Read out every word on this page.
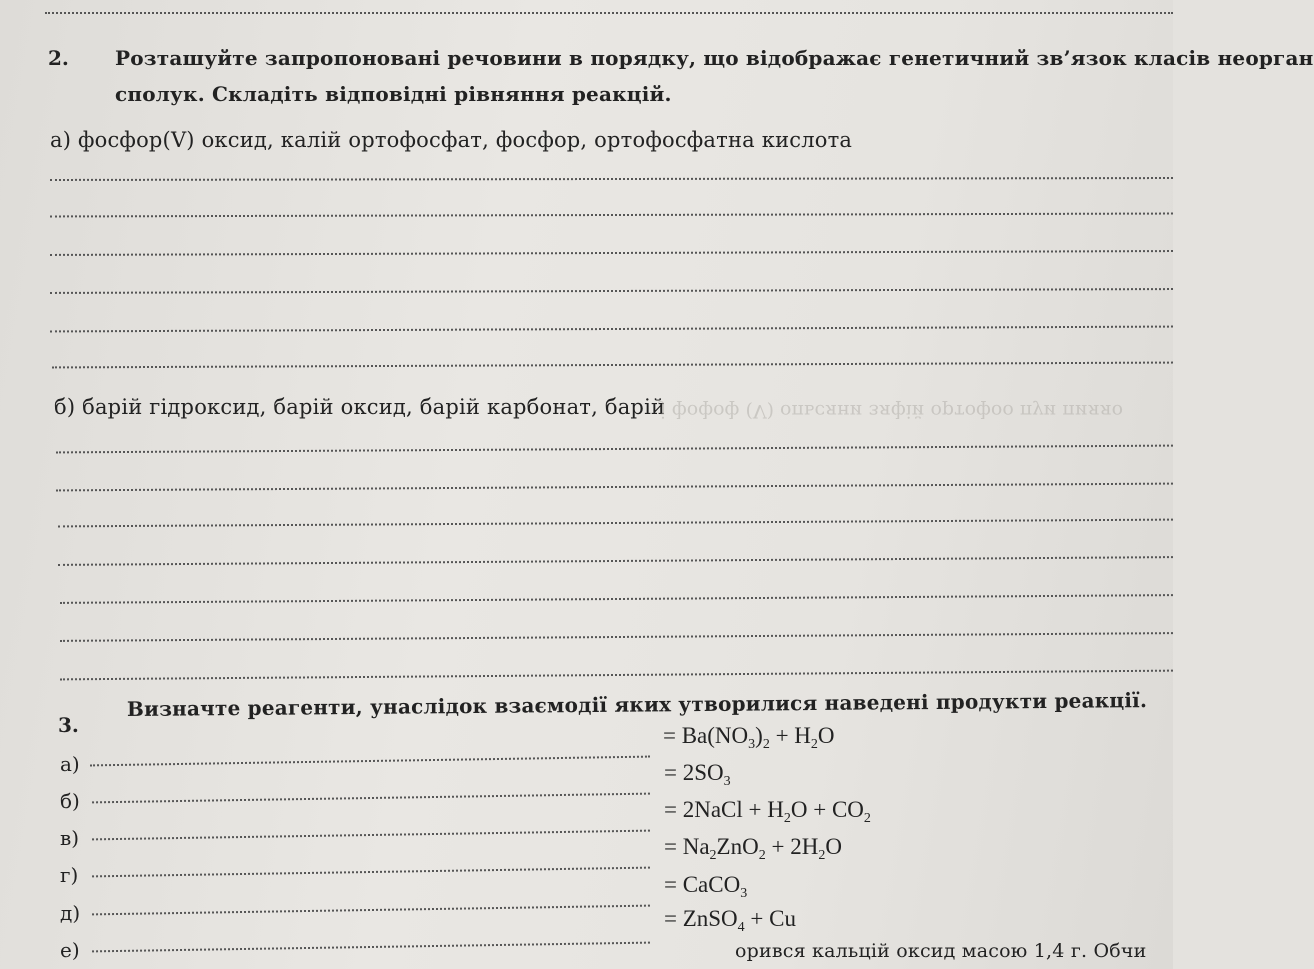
2. Розташуйте запропоновані речовини в порядку, що відображає генетичний зв’язок класів неорган
сполук. Складіть відповідні рівняння реакцій.
а) фосфор(V) оксид, калій ортофосфат, фосфор, ортофосфатна кислота
б) барій гідроксид, барій оксид, барій карбонат, барій
ϳ фофоф (V) опьсяни зяфій ортофоо пуи пияяо
3.
Визначте реагенти, унаслідок взаємодії яких утворилися наведені продукти реакції.
а)
= $Ba(NO_3)_2 + H_2O$
б)
= $2SO_3$
в)
= 2NaCl + $H_2O + CO_2$
г)
= $Na_2ZnO_2 + 2H_2O$
д)
= CaCO$_3$
е)
= ZnSO$_4$ + Cu
орився кальцій оксид масою 1,4 г. Обчи
